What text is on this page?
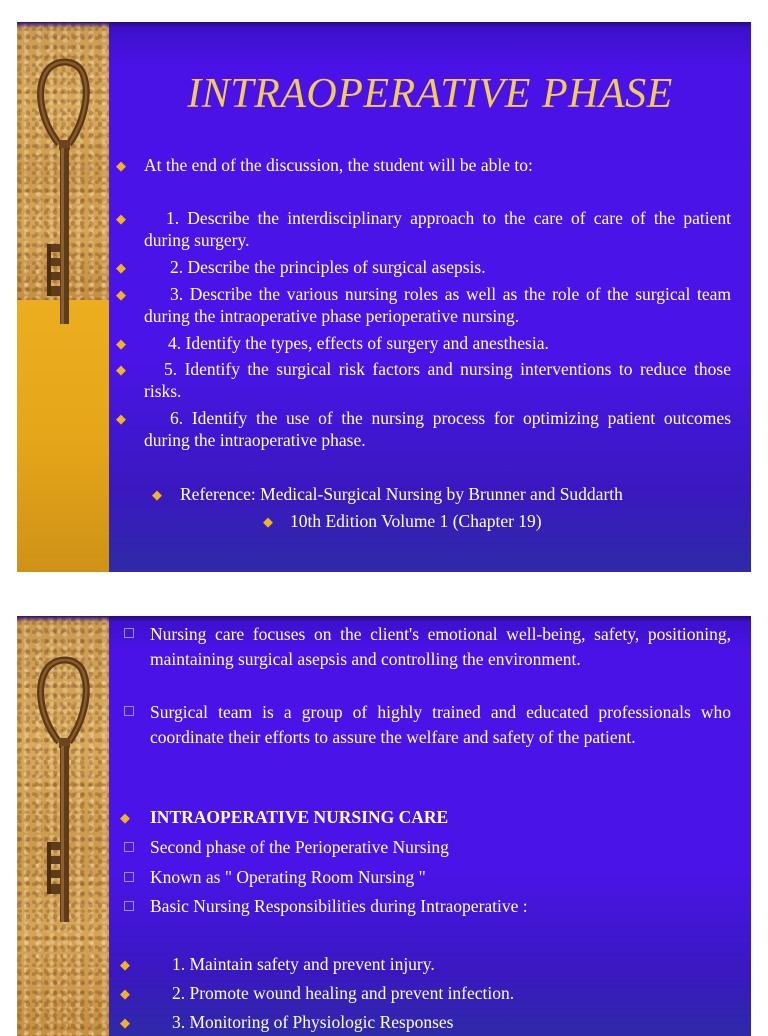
INTRAOPERATIVE PHASE
◆ At the end of the discussion, the student will be able to:
◆	1. Describe the interdisciplinary approach to the care of care of the patient during surgery.
◆	2. Describe the principles of surgical asepsis.
◆	3. Describe the various nursing roles as well as the role of the surgical team during the intraoperative phase perioperative nursing.
◆	4. Identify the types, effects of surgery and anesthesia.
◆	5. Identify the surgical risk factors and nursing interventions to reduce those risks.
◆	6. Identify the use of the nursing process for optimizing patient outcomes during the intraoperative phase.
◆ Reference: Medical-Surgical Nursing by Brunner and Suddarth
◆ 10th Edition Volume 1 (Chapter 19)
Nursing care focuses on the client's emotional well-being, safety, positioning, maintaining surgical asepsis and controlling the environment.
Surgical team is a group of highly trained and educated professionals who coordinate their efforts to assure the welfare and safety of the patient.
◆ INTRAOPERATIVE NURSING CARE
Second phase of the Perioperative Nursing
Known as " Operating Room Nursing "
Basic Nursing Responsibilities during Intraoperative :
◆	1. Maintain safety and prevent injury.
◆	2. Promote wound healing and prevent infection.
◆	3. Monitoring of Physiologic Responses
